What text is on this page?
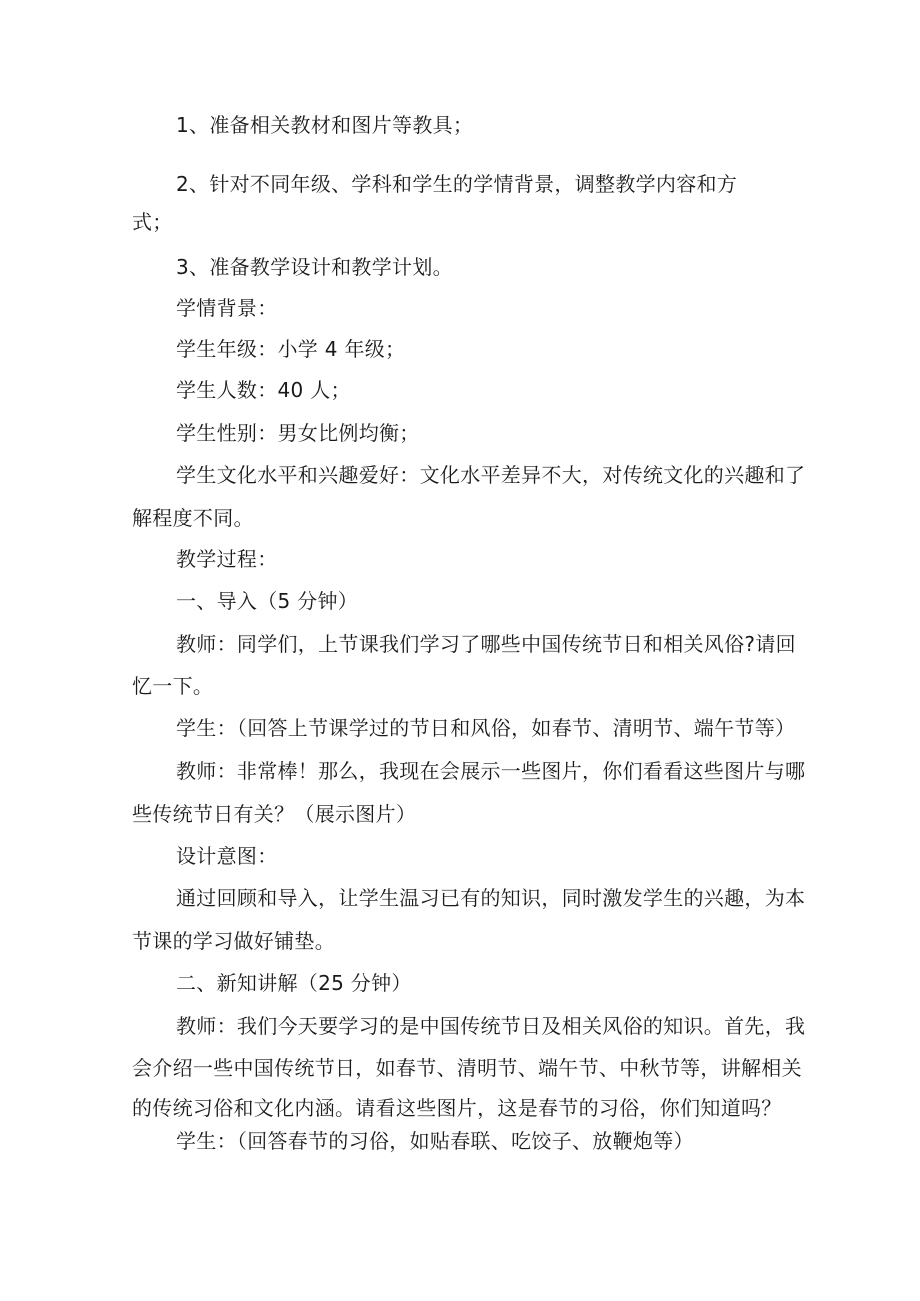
1、准备相关教材和图片等教具；
2、针对不同年级、学科和学生的学情背景，调整教学内容和方
式；
3、准备教学设计和教学计划。
学情背景：
学生年级：小学 4 年级；
学生人数：40 人；
学生性别：男女比例均衡；
学生文化水平和兴趣爱好：文化水平差异不大，对传统文化的兴趣和了
解程度不同。
教学过程：
一、导入（5 分钟）
教师：同学们，上节课我们学习了哪些中国传统节日和相关风俗?请回
忆一下。
学生：（回答上节课学过的节日和风俗，如春节、清明节、端午节等）
教师：非常棒！那么，我现在会展示一些图片，你们看看这些图片与哪
些传统节日有关？（展示图片）
设计意图：
通过回顾和导入，让学生温习已有的知识，同时激发学生的兴趣，为本
节课的学习做好铺垫。
二、新知讲解（25 分钟）
教师：我们今天要学习的是中国传统节日及相关风俗的知识。首先，我
会介绍一些中国传统节日，如春节、清明节、端午节、中秋节等，讲解相关
的传统习俗和文化内涵。请看这些图片，这是春节的习俗，你们知道吗？
学生：（回答春节的习俗，如贴春联、吃饺子、放鞭炮等）
